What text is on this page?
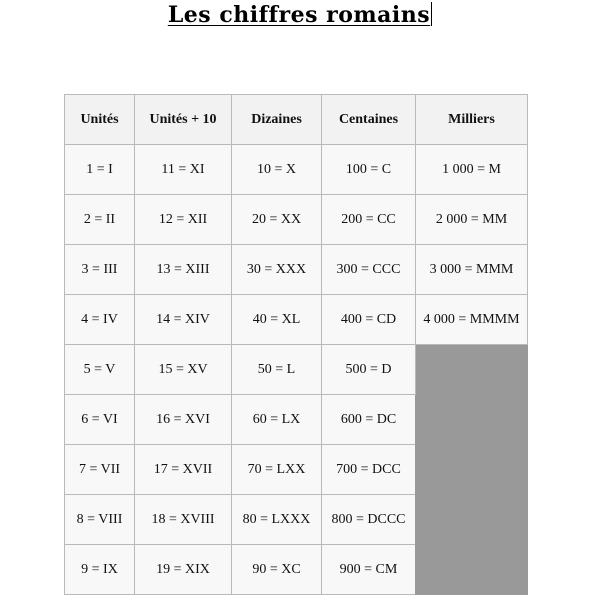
Les chiffres romains
Unités	Unités + 10	Dizaines	Centaines	Milliers
1 = I	11 = XI	10 = X	100 = C	1 000 = M
2 = II	12 = XII	20 = XX	200 = CC	2 000 = MM
3 = III	13 = XIII	30 = XXX	300 = CCC	3 000 = MMM
4 = IV	14 = XIV	40 = XL	400 = CD	4 000 = MMMM
5 = V	15 = XV	50 = L	500 = D	
6 = VI	16 = XVI	60 = LX	600 = DC	
7 = VII	17 = XVII	70 = LXX	700 = DCC	
8 = VIII	18 = XVIII	80 = LXXX	800 = DCCC	
9 = IX	19 = XIX	90 = XC	900 = CM	
